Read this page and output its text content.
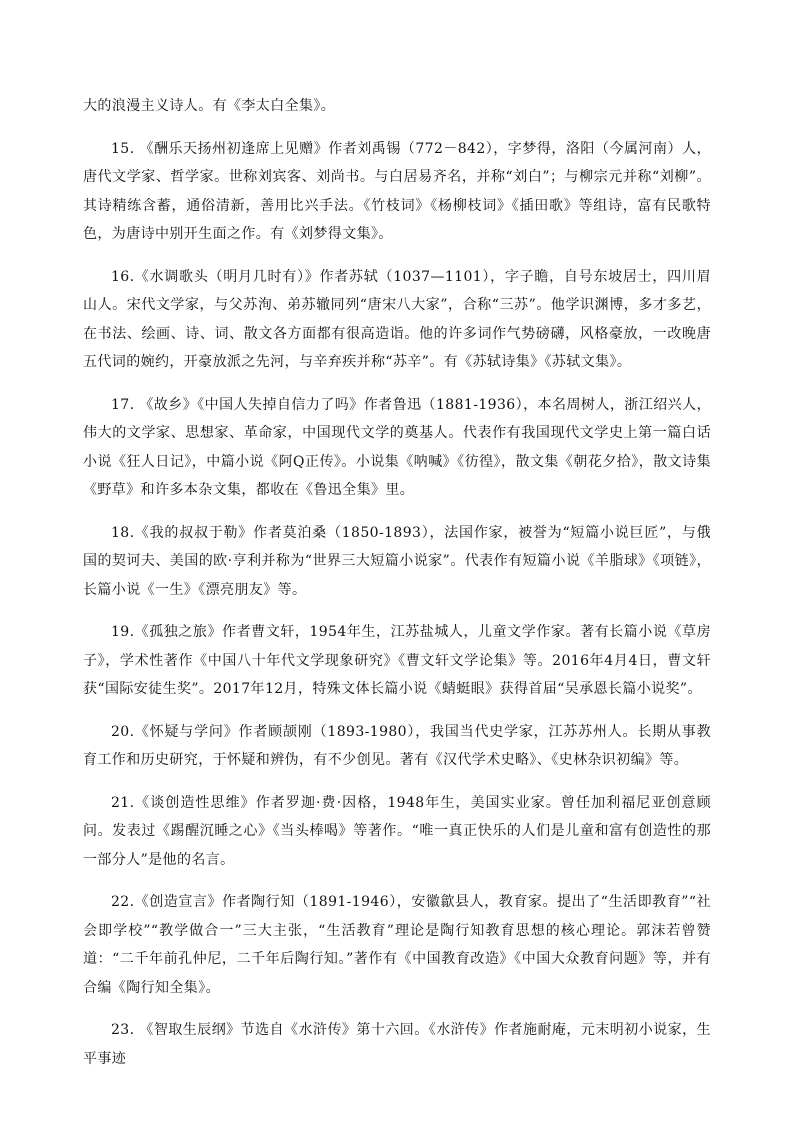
大的浪漫主义诗人。有《李太白全集》。

15. 《酬乐天扬州初逢席上见赠》作者刘禹锡（772－842），字梦得，洛阳（今属河南）人，唐代文学家、哲学家。世称刘宾客、刘尚书。与白居易齐名，并称“刘白”；与柳宗元并称“刘柳”。其诗精练含蓄，通俗清新，善用比兴手法。《竹枝词》《杨柳枝词》《插田歌》等组诗，富有民歌特色，为唐诗中别开生面之作。有《刘梦得文集》。

16.《水调歌头（明月几时有）》作者苏轼（1037—1101），字子瞻，自号东坡居士，四川眉山人。宋代文学家，与父苏洵、弟苏辙同列“唐宋八大家”，合称“三苏”。他学识渊博，多才多艺，在书法、绘画、诗、词、散文各方面都有很高造诣。他的许多词作气势磅礴，风格豪放，一改晚唐五代词的婉约，开豪放派之先河，与辛弃疾并称“苏辛”。有《苏轼诗集》《苏轼文集》。

17. 《故乡》《中国人失掉自信力了吗》作者鲁迅（1881-1936），本名周树人，浙江绍兴人，伟大的文学家、思想家、革命家，中国现代文学的奠基人。代表作有我国现代文学史上第一篇白话小说《狂人日记》，中篇小说《阿Q正传》。小说集《呐喊》《彷徨》，散文集《朝花夕拾》，散文诗集《野草》和许多本杂文集，都收在《鲁迅全集》里。

18.《我的叔叔于勒》作者莫泊桑（1850-1893），法国作家，被誉为“短篇小说巨匠”，与俄国的契诃夫、美国的欧·亨利并称为“世界三大短篇小说家”。代表作有短篇小说《羊脂球》《项链》，长篇小说《一生》《漂亮朋友》等。

19.《孤独之旅》作者曹文轩，1954年生，江苏盐城人，儿童文学作家。著有长篇小说《草房子》，学术性著作《中国八十年代文学现象研究》《曹文轩文学论集》等。2016年4月4日，曹文轩获“国际安徒生奖”。2017年12月，特殊文体长篇小说《蜻蜓眼》获得首届“吴承恩长篇小说奖”。

20.《怀疑与学问》作者顾颉刚（1893-1980），我国当代史学家，江苏苏州人。长期从事教育工作和历史研究，于怀疑和辨伪，有不少创见。著有《汉代学术史略》、《史林杂识初编》等。

21.《谈创造性思维》作者罗迦·费·因格，1948年生，美国实业家。曾任加利福尼亚创意顾问。发表过《踢醒沉睡之心》《当头棒喝》等著作。“唯一真正快乐的人们是儿童和富有创造性的那一部分人”是他的名言。

22.《创造宣言》作者陶行知（1891-1946），安徽歙县人，教育家。提出了“生活即教育”“社会即学校”“教学做合一”三大主张，“生活教育”理论是陶行知教育思想的核心理论。郭沫若曾赞道：“二千年前孔仲尼，二千年后陶行知。”著作有《中国教育改造》《中国大众教育问题》等，并有合编《陶行知全集》。

23. 《智取生辰纲》节选自《水浒传》第十六回。《水浒传》作者施耐庵，元末明初小说家，生平事迹
